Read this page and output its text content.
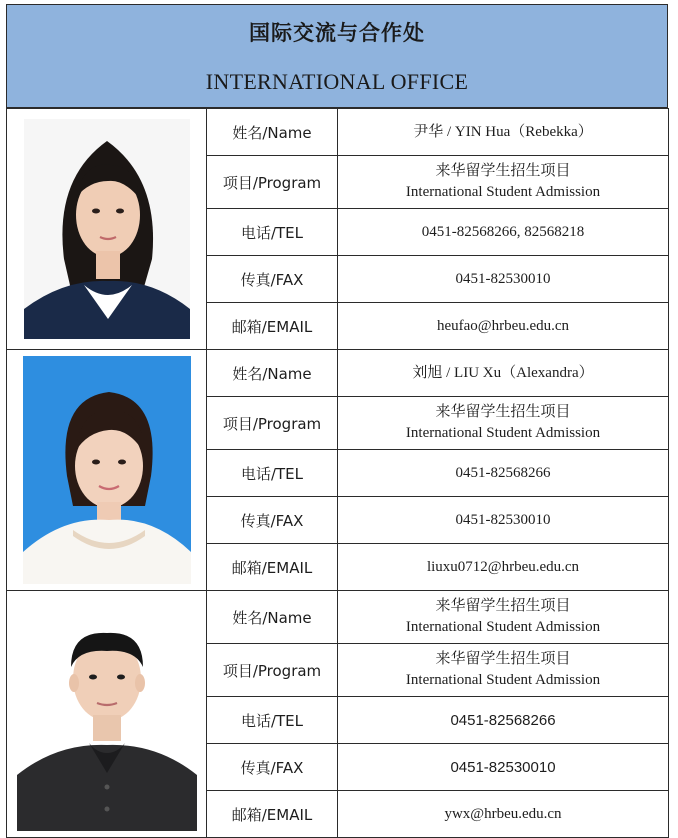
国际交流与合作处
INTERNATIONAL OFFICE
	姓名/Name	尹华 / YIN Hua（Rebekka）

	项目/Program	来华留学生招生项目
International Student Admission

	电话/TEL	0451-82568266, 82568218

	传真/FAX	0451-82530010

	邮箱/EMAIL	heufao@hrbeu.edu.cn

	姓名/Name	刘旭 / LIU Xu（Alexandra）

	项目/Program	来华留学生招生项目
International Student Admission

	电话/TEL	0451-82568266

	传真/FAX	0451-82530010

	邮箱/EMAIL	liuxu0712@hrbeu.edu.cn

	姓名/Name	来华留学生招生项目
International Student Admission

	项目/Program	来华留学生招生项目
International Student Admission

	电话/TEL	0451-82568266

	传真/FAX	0451-82530010

	邮箱/EMAIL	ywx@hrbeu.edu.cn
